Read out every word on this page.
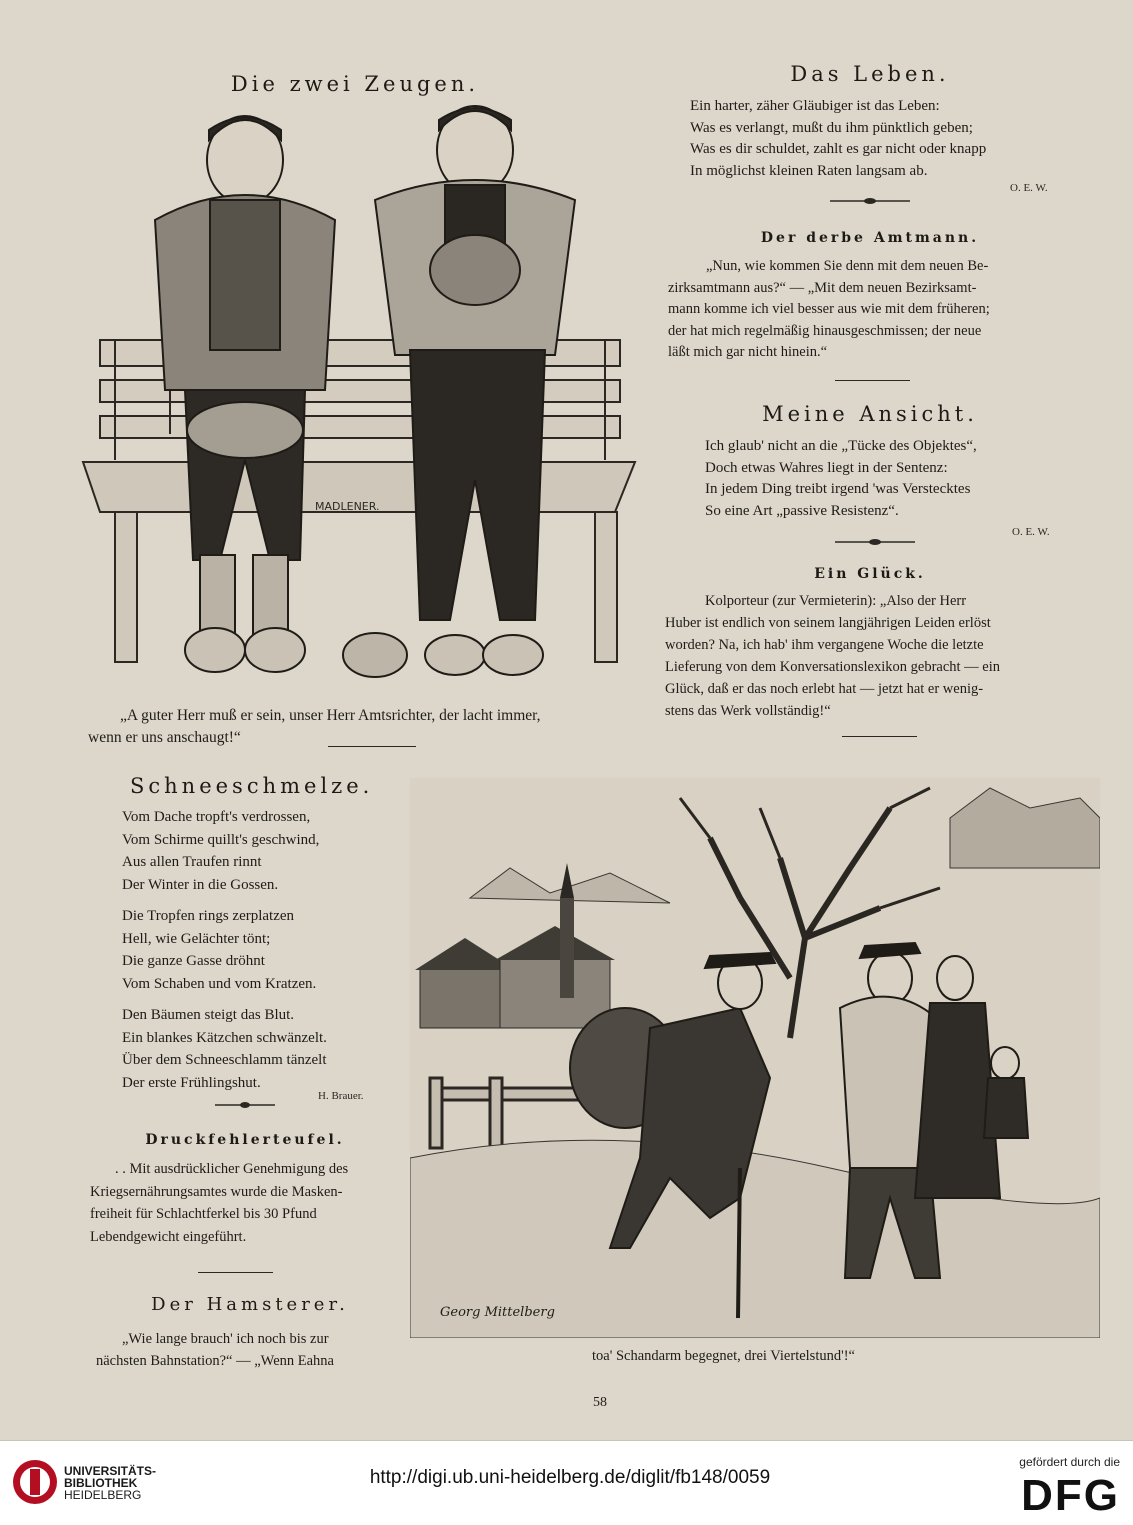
Die zwei Zeugen.
MADLENER.
„A guter Herr muß er sein, unser Herr Amtsrichter, der lacht immer,
wenn er uns anschaugt!“
Das Leben.
Ein harter, zäher Gläubiger ist das Leben:
Was es verlangt, mußt du ihm pünktlich geben;
Was es dir schuldet, zahlt es gar nicht oder knapp
In möglichst kleinen Raten langsam ab.
O. E. W.
Der derbe Amtmann.
„Nun, wie kommen Sie denn mit dem neuen Be-
zirksamtmann aus?“ — „Mit dem neuen Bezirksamt-
mann komme ich viel besser aus wie mit dem früheren;
der hat mich regelmäßig hinausgeschmissen; der neue
läßt mich gar nicht hinein.“
Meine Ansicht.
Ich glaub' nicht an die „Tücke des Objektes“,
Doch etwas Wahres liegt in der Sentenz:
In jedem Ding treibt irgend 'was Verstecktes
So eine Art „passive Resistenz“.
O. E. W.
Ein Glück.
Kolporteur (zur Vermieterin): „Also der Herr
Huber ist endlich von seinem langjährigen Leiden erlöst
worden? Na, ich hab' ihm vergangene Woche die letzte
Lieferung von dem Konversationslexikon gebracht — ein
Glück, daß er das noch erlebt hat — jetzt hat er wenig-
stens das Werk vollständig!“
Schneeschmelze.
Vom Dache tropft's verdrossen,
Vom Schirme quillt's geschwind,
Aus allen Traufen rinnt
Der Winter in die Gossen.
Die Tropfen rings zerplatzen
Hell, wie Gelächter tönt;
Die ganze Gasse dröhnt
Vom Schaben und vom Kratzen.
Den Bäumen steigt das Blut.
Ein blankes Kätzchen schwänzelt.
Über dem Schneeschlamm tänzelt
Der erste Frühlingshut.
H. Brauer.
Druckfehlerteufel.
. . Mit ausdrücklicher Genehmigung des
Kriegsernährungsamtes wurde die Masken-
freiheit für Schlachtferkel bis 30 Pfund
Lebendgewicht eingeführt.
Der Hamsterer.
„Wie lange brauch' ich noch bis zur
nächsten Bahnstation?“ — „Wenn Eahna
Georg Mittelberg
toa' Schandarm begegnet, drei Viertelstund'!“
58
UNIVERSITÄTS-
BIBLIOTHEK
HEIDELBERG
http://digi.ub.uni-heidelberg.de/diglit/fb148/0059
gefördert durch die
DFG
